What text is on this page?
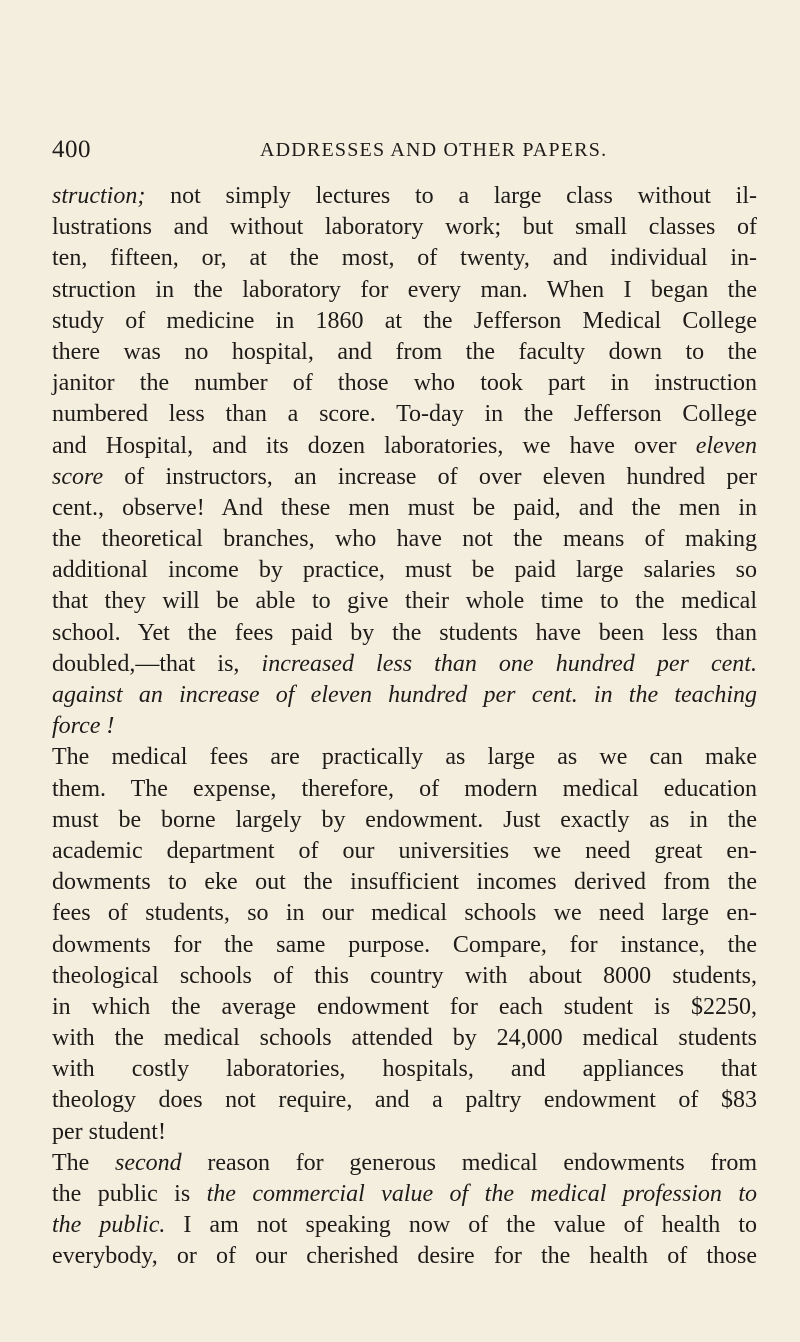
400	ADDRESSES AND OTHER PAPERS.
struction; not simply lectures to a large class without il-
lustrations and without laboratory work; but small classes of
ten, fifteen, or, at the most, of twenty, and individual in-
struction in the laboratory for every man. When I began the
study of medicine in 1860 at the Jefferson Medical College
there was no hospital, and from the faculty down to the
janitor the number of those who took part in instruction
numbered less than a score. To-day in the Jefferson College
and Hospital, and its dozen laboratories, we have over eleven
score of instructors, an increase of over eleven hundred per
cent., observe! And these men must be paid, and the men in
the theoretical branches, who have not the means of making
additional income by practice, must be paid large salaries so
that they will be able to give their whole time to the medical
school. Yet the fees paid by the students have been less than
doubled,—that is, increased less than one hundred per cent.
against an increase of eleven hundred per cent. in the teaching
force !
The medical fees are practically as large as we can make
them. The expense, therefore, of modern medical education
must be borne largely by endowment. Just exactly as in the
academic department of our universities we need great en-
dowments to eke out the insufficient incomes derived from the
fees of students, so in our medical schools we need large en-
dowments for the same purpose. Compare, for instance, the
theological schools of this country with about 8000 students,
in which the average endowment for each student is $2250,
with the medical schools attended by 24,000 medical students
with costly laboratories, hospitals, and appliances that
theology does not require, and a paltry endowment of $83
per student!
The second reason for generous medical endowments from
the public is the commercial value of the medical profession to
the public. I am not speaking now of the value of health to
everybody, or of our cherished desire for the health of those
